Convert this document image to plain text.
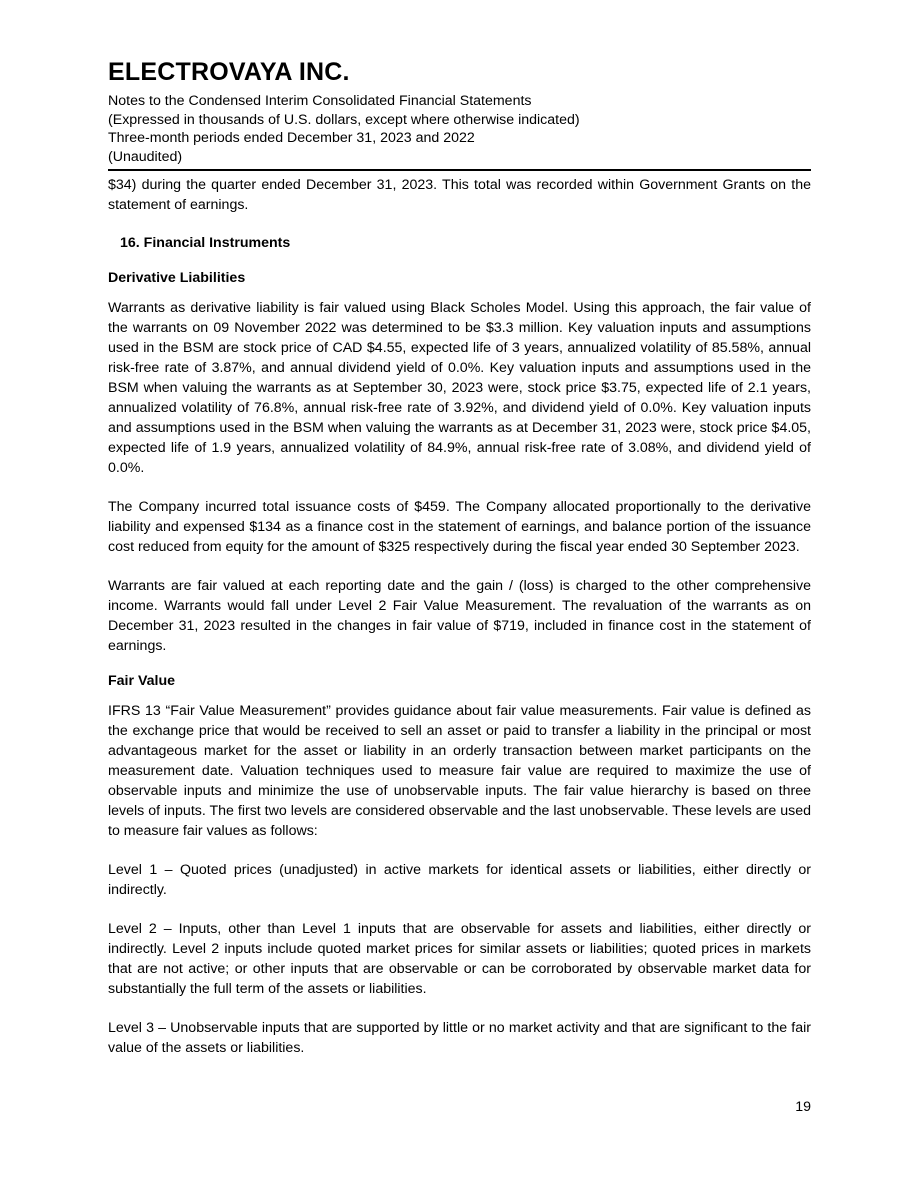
ELECTROVAYA INC.
Notes to the Condensed Interim Consolidated Financial Statements
(Expressed in thousands of U.S. dollars, except where otherwise indicated)
Three-month periods ended December 31, 2023 and 2022
(Unaudited)

$34) during the quarter ended December 31, 2023. This total was recorded within Government Grants on the statement of earnings.

16. Financial Instruments
Derivative Liabilities

Warrants as derivative liability is fair valued using Black Scholes Model. Using this approach, the fair value of the warrants on 09 November 2022 was determined to be $3.3 million. Key valuation inputs and assumptions used in the BSM are stock price of CAD $4.55, expected life of 3 years, annualized volatility of 85.58%, annual risk-free rate of 3.87%, and annual dividend yield of 0.0%. Key valuation inputs and assumptions used in the BSM when valuing the warrants as at September 30, 2023 were, stock price $3.75, expected life of 2.1 years, annualized volatility of 76.8%, annual risk-free rate of 3.92%, and dividend yield of 0.0%. Key valuation inputs and assumptions used in the BSM when valuing the warrants as at December 31, 2023 were, stock price $4.05, expected life of 1.9 years, annualized volatility of 84.9%, annual risk-free rate of 3.08%, and dividend yield of 0.0%.

The Company incurred total issuance costs of $459. The Company allocated proportionally to the derivative liability and expensed $134 as a finance cost in the statement of earnings, and balance portion of the issuance cost reduced from equity for the amount of $325 respectively during the fiscal year ended 30 September 2023.

Warrants are fair valued at each reporting date and the gain / (loss) is charged to the other comprehensive income. Warrants would fall under Level 2 Fair Value Measurement. The revaluation of the warrants as on December 31, 2023 resulted in the changes in fair value of $719, included in finance cost in the statement of earnings.

Fair Value

IFRS 13 “Fair Value Measurement” provides guidance about fair value measurements. Fair value is defined as the exchange price that would be received to sell an asset or paid to transfer a liability in the principal or most advantageous market for the asset or liability in an orderly transaction between market participants on the measurement date. Valuation techniques used to measure fair value are required to maximize the use of observable inputs and minimize the use of unobservable inputs. The fair value hierarchy is based on three levels of inputs. The first two levels are considered observable and the last unobservable. These levels are used to measure fair values as follows:

Level 1 – Quoted prices (unadjusted) in active markets for identical assets or liabilities, either directly or indirectly.

Level 2 – Inputs, other than Level 1 inputs that are observable for assets and liabilities, either directly or indirectly. Level 2 inputs include quoted market prices for similar assets or liabilities; quoted prices in markets that are not active; or other inputs that are observable or can be corroborated by observable market data for substantially the full term of the assets or liabilities.

Level 3 – Unobservable inputs that are supported by little or no market activity and that are significant to the fair value of the assets or liabilities.

19
